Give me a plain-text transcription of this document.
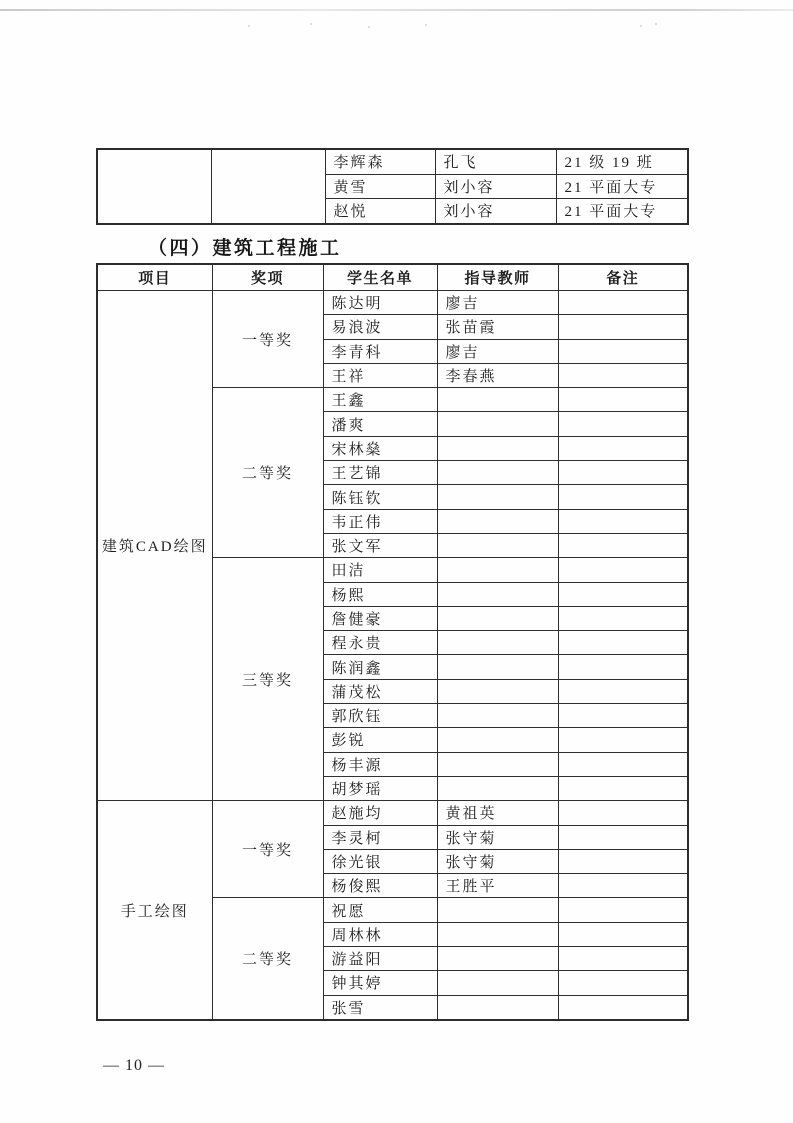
		李辉森	孔飞	21 级 19 班
		黄雪	刘小容	21 平面大专
		赵悦	刘小容	21 平面大专
（四）建筑工程施工
项目	奖项	学生名单	指导教师	备注
建筑CAD绘图	一等奖	陈达明	廖吉	
		易浪波	张苗霞	
		李青科	廖吉	
		王祥	李春燕	
	二等奖	王鑫		
		潘爽		
		宋林燊		
		王艺锦		
		陈钰钦		
		韦正伟		
		张文军		
	三等奖	田洁		
		杨熙		
		詹健豪		
		程永贵		
		陈润鑫		
		蒲茂松		
		郭欣钰		
		彭锐		
		杨丰源		
		胡梦瑶		
手工绘图	一等奖	赵施均	黄祖英	
		李灵柯	张守菊	
		徐光银	张守菊	
		杨俊熙	王胜平	
	二等奖	祝愿		
		周林林		
		游益阳		
		钟其婷		
		张雪		
— 10 —
